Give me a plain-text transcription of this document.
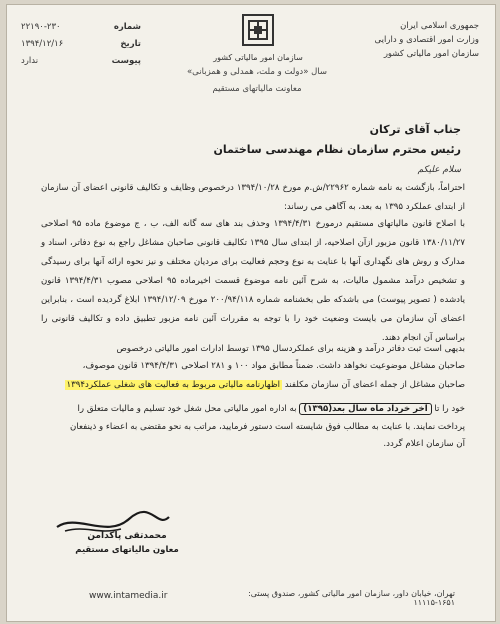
شماره
۲۲۱۹۰-۲۳۰
تاریخ
۱۳۹۴/۱۲/۱۶
پیوست
ندارد
جمهوری اسلامی ایران
وزارت امور اقتصادی و دارایی
سازمان امور مالیاتی کشور
سازمان امور مالیاتی کشور
سال «دولت و ملت، همدلی و همزبانی»
معاونت مالیاتهای مستقیم
جناب آقای ترکان
رئیس محترم سازمان نظام مهندسی ساختمان
سلام علیکم
احتراماً، بازگشت به نامه شماره ۲۲۹۶۲/ش.م مورخ ۱۳۹۴/۱۰/۲۸ درخصوص وظایف و تکالیف قانونی اعضای آن سازمان از ابتدای عملکرد ۱۳۹۵ به بعد، به آگاهی می رساند:
با اصلاح قانون مالیاتهای مستقیم درمورخ ۱۳۹۴/۴/۳۱ وحذف بند های سه گانه الف، ب ، ج موضوع ماده ۹۵ اصلاحی ۱۳۸۰/۱۱/۲۷ قانون مزبور ازآن اصلاحیه، از ابتدای سال ۱۳۹۵ تکالیف قانونی صاحبان مشاغل راجع به نوع دفاتر، اسناد و مدارک و روش های نگهداری آنها با عنایت به نوع وحجم فعالیت برای مردیان مختلف و نیز نحوه ارائه آنها برای رسیدگی و تشخیص درآمد مشمول مالیات، به شرح آئین نامه موضوع قسمت اخیرماده ۹۵ اصلاحی مصوب ۱۳۹۴/۴/۳۱ قانون یادشده ( تصویر پیوست) می باشدکه طی بخشنامه شماره ۲۰۰/۹۴/۱۱۸ مورخ ۱۳۹۴/۱۲/۰۹ ابلاغ گردیده است ، بنابراین اعضای آن سازمان می بایست وضعیت خود را با توجه به مقررات آئین نامه مزبور تطبیق داده و تکالیف قانونی را براساس آن انجام دهند.
بدیهی است ثبت دفاتر درآمد و هزینه برای عملکردسال ۱۳۹۵ توسط ادارات امور مالیاتی درخصوص
صاحبان مشاغل موضوعیت نخواهد داشت. ضمناً مطابق مواد ۱۰۰ و ۲۸۱ اصلاحی ۱۳۹۴/۴/۳۱ قانون موصوف،
صاحبان مشاغل از جمله اعضای آن سازمان مکلفند اظهارنامه مالیاتی مربوط به فعالیت های شغلی عملکرد۱۳۹۴
خود را تا آخر خرداد ماه سال بعد(۱۳۹۵) به اداره امور مالیاتی محل شغل خود تسلیم و مالیات متعلق را
پرداخت نمایند. با عنایت به مطالب فوق شایسته است دستور فرمایید، مراتب به نحو مقتضی به اعضاء و ذینفعان
آن سازمان اعلام گردد.
محمدتقی پاکدامن
معاون مالیاتهای مستقیم
www.intamedia.ir	تهران، خیابان داور، سازمان امور مالیاتی کشور، صندوق پستی: ۱۶۵۱-۱۱۱۱۵
